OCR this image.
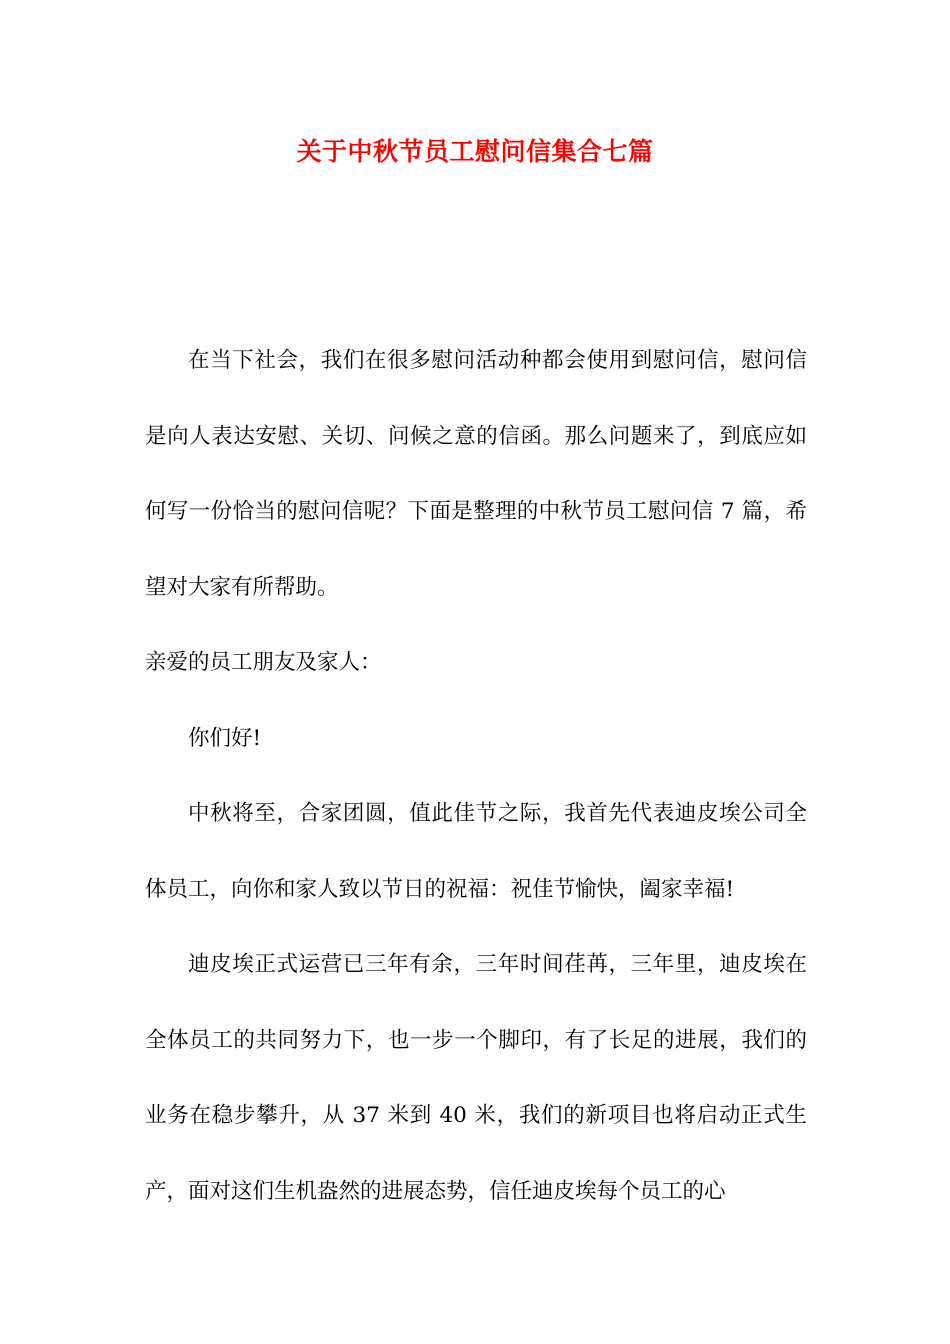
关于中秋节员工慰问信集合七篇

在当下社会，我们在很多慰问活动种都会使用到慰问信，慰问信是向人表达安慰、关切、问候之意的信函。那么问题来了，到底应如何写一份恰当的慰问信呢？下面是整理的中秋节员工慰问信 7 篇，希望对大家有所帮助。

亲爱的员工朋友及家人：

你们好!

中秋将至，合家团圆，值此佳节之际，我首先代表迪皮埃公司全体员工，向你和家人致以节日的祝福：祝佳节愉快，阖家幸福!

迪皮埃正式运营已三年有余，三年时间荏苒，三年里，迪皮埃在全体员工的共同努力下，也一步一个脚印，有了长足的进展，我们的业务在稳步攀升，从 37 米到 40 米，我们的新项目也将启动正式生产，面对这们生机盎然的进展态势，信任迪皮埃每个员工的心
